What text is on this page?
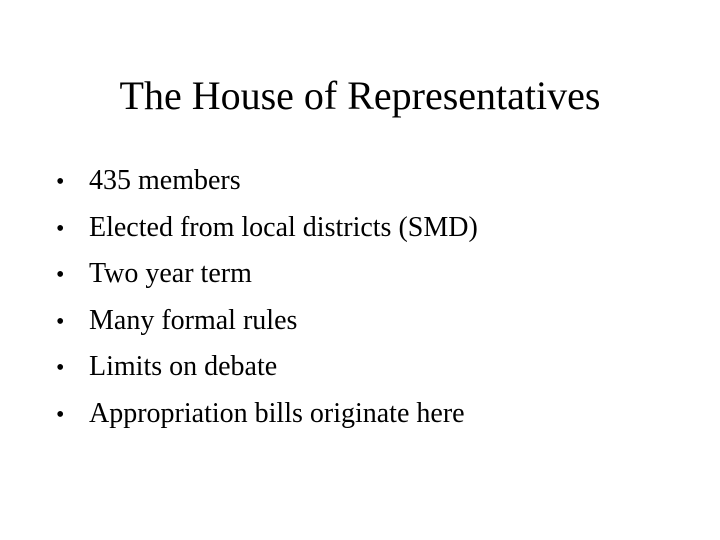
The House of Representatives
• 435 members
• Elected from local districts (SMD)
• Two year term
• Many formal rules
• Limits on debate
• Appropriation bills originate here
